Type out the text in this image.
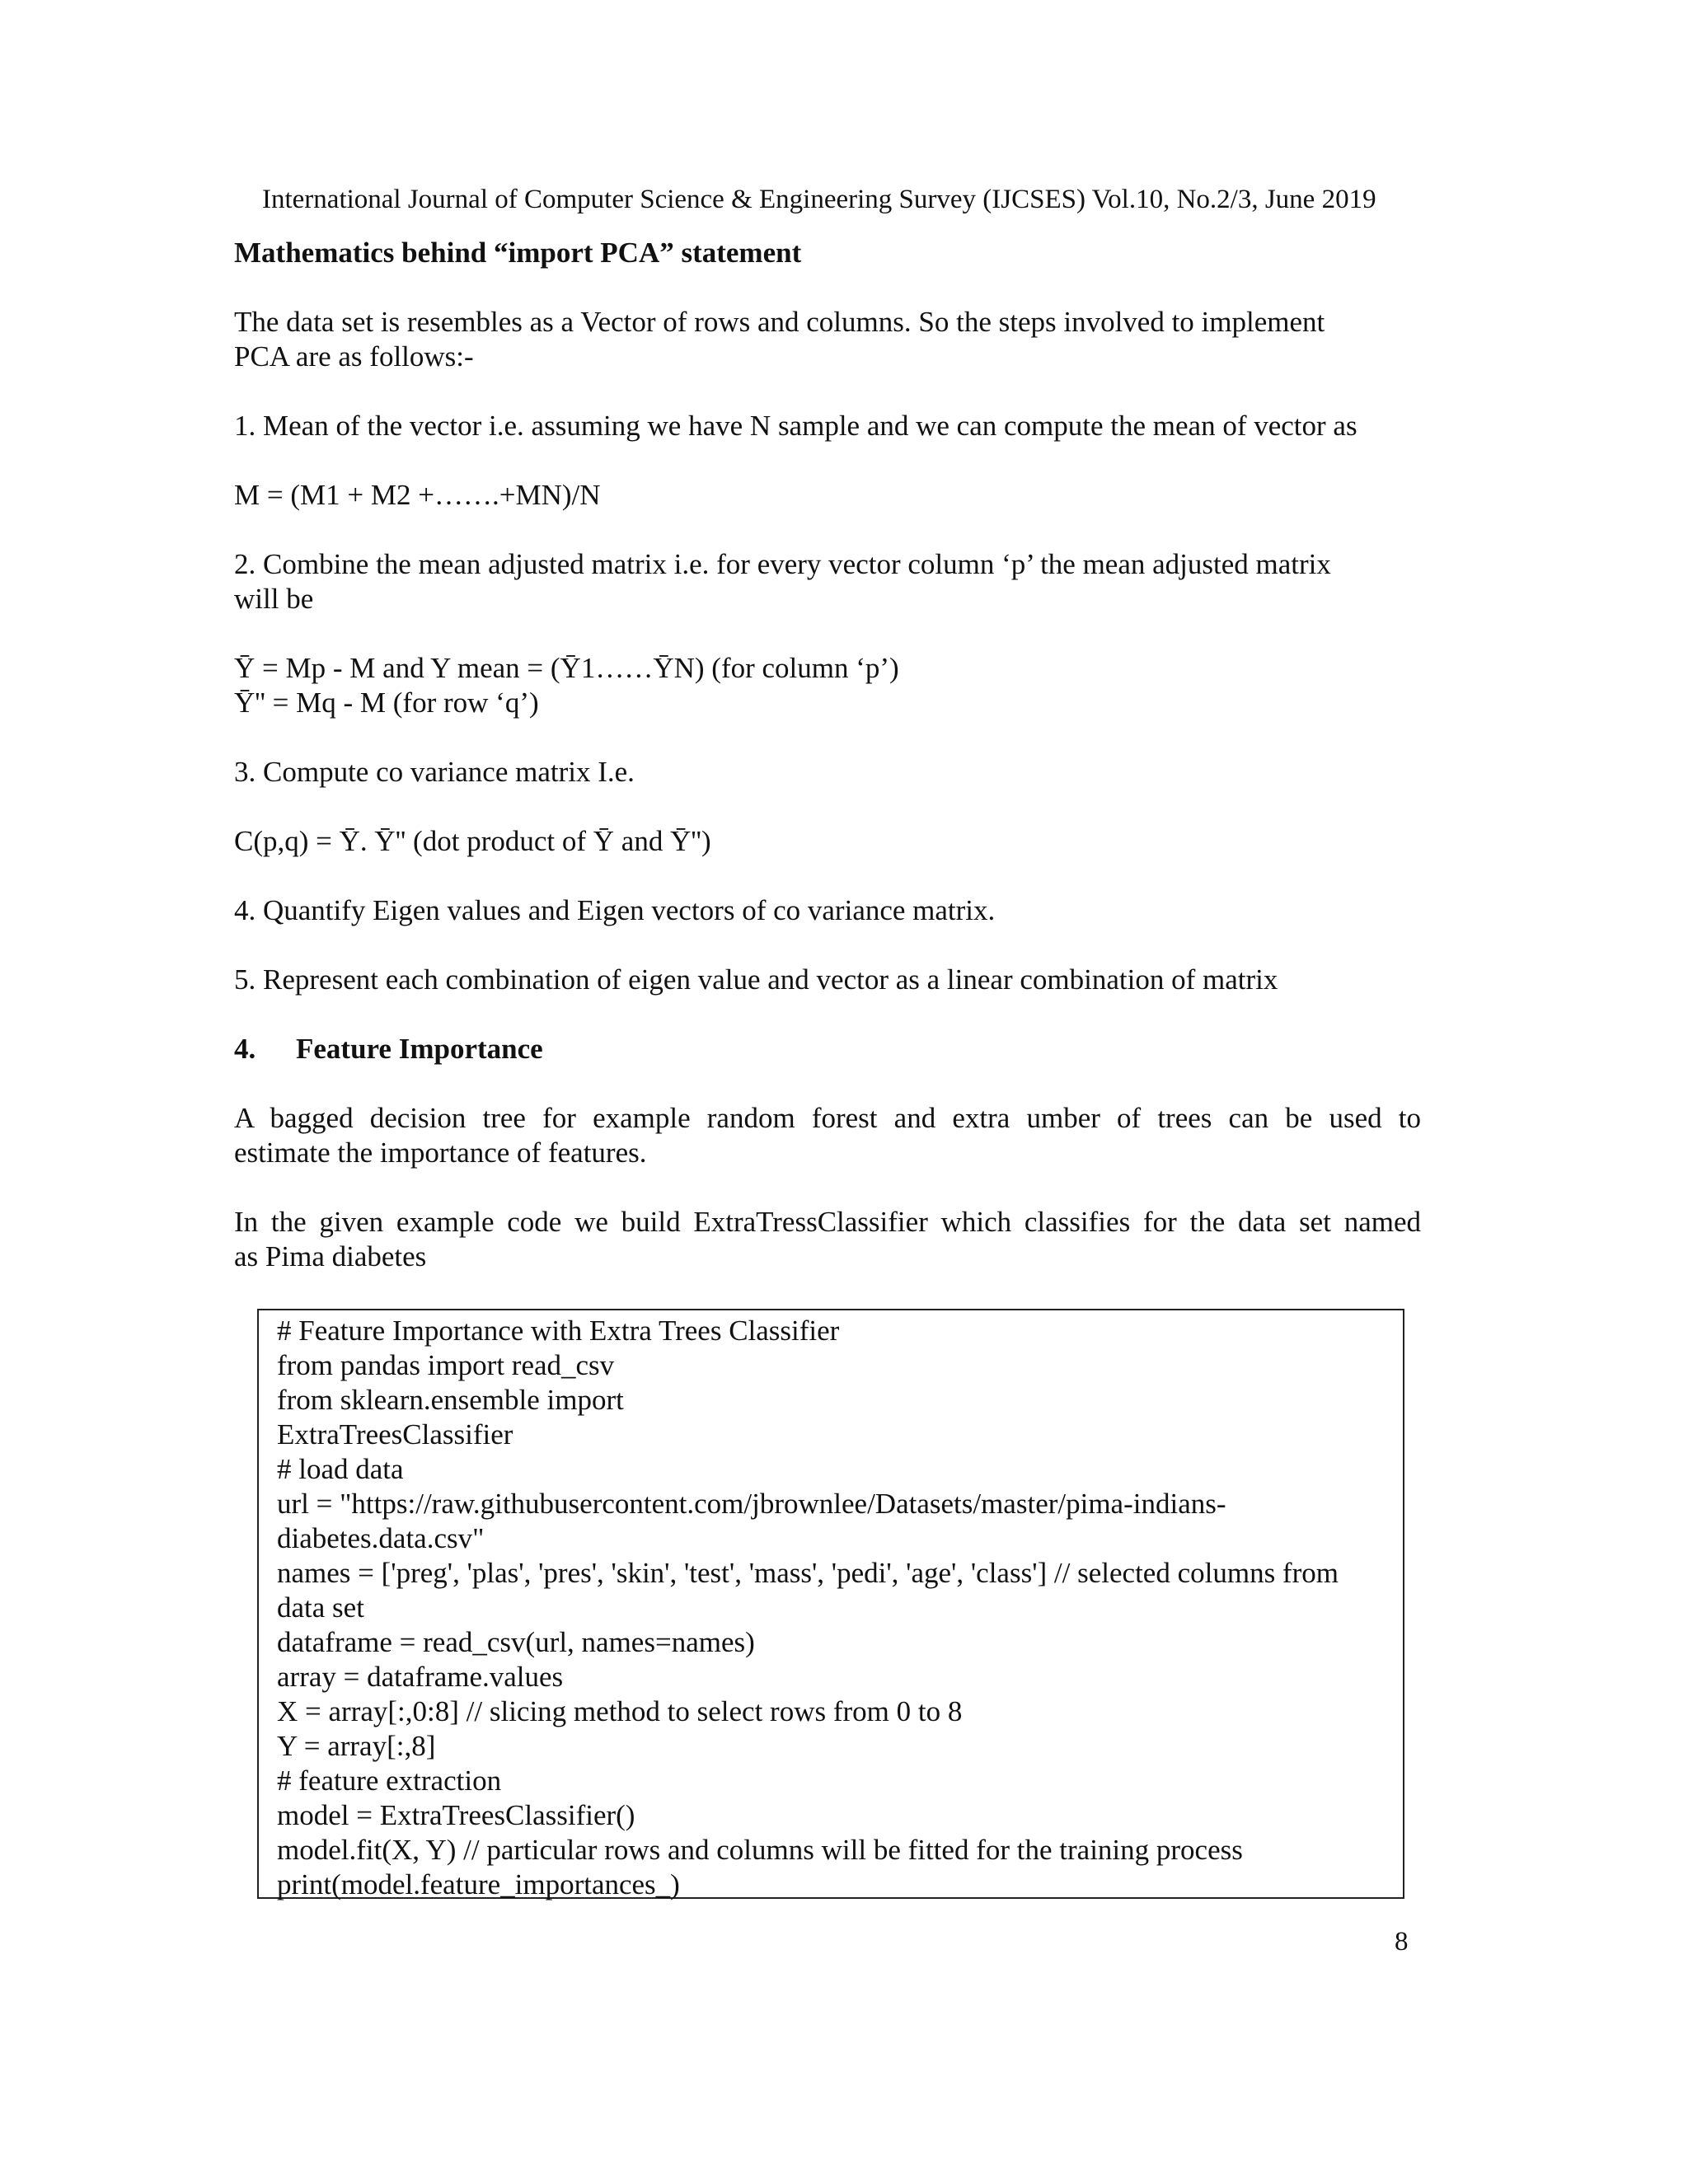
International Journal of Computer Science & Engineering Survey (IJCSES) Vol.10, No.2/3, June 2019
Mathematics behind “import PCA” statement
The data set is resembles as a Vector of rows and columns. So the steps involved to implement
PCA are as follows:-
1. Mean of the vector i.e. assuming we have N sample and we can compute the mean of vector as
M = (M1 + M2 +…….+MN)/N
2. Combine the mean adjusted matrix i.e. for every vector column ‘p’ the mean adjusted matrix
will be
Ȳ = Mp - M and Y mean = (Ȳ1……ȲN) (for column ‘p’)
Ȳ'' = Mq - M (for row ‘q’)
3. Compute co variance matrix I.e.
C(p,q) = Ȳ. Ȳ'' (dot product of Ȳ and Ȳ'')
4. Quantify Eigen values and Eigen vectors of co variance matrix.
5. Represent each combination of eigen value and vector as a linear combination of matrix
4. Feature Importance
A bagged decision tree for example random forest and extra umber of trees can be used to
estimate the importance of features.
In the given example code we build ExtraTressClassifier which classifies for the data set named
as Pima diabetes
# Feature Importance with Extra Trees Classifier
from pandas import read_csv
from sklearn.ensemble import
ExtraTreesClassifier
# load data
url = "https://raw.githubusercontent.com/jbrownlee/Datasets/master/pima-indians-
diabetes.data.csv"
names = ['preg', 'plas', 'pres', 'skin', 'test', 'mass', 'pedi', 'age', 'class'] // selected columns from
data set
dataframe = read_csv(url, names=names)
array = dataframe.values
X = array[:,0:8] // slicing method to select rows from 0 to 8
Y = array[:,8]
# feature extraction
model = ExtraTreesClassifier()
model.fit(X, Y) // particular rows and columns will be fitted for the training process
print(model.feature_importances_)
8
